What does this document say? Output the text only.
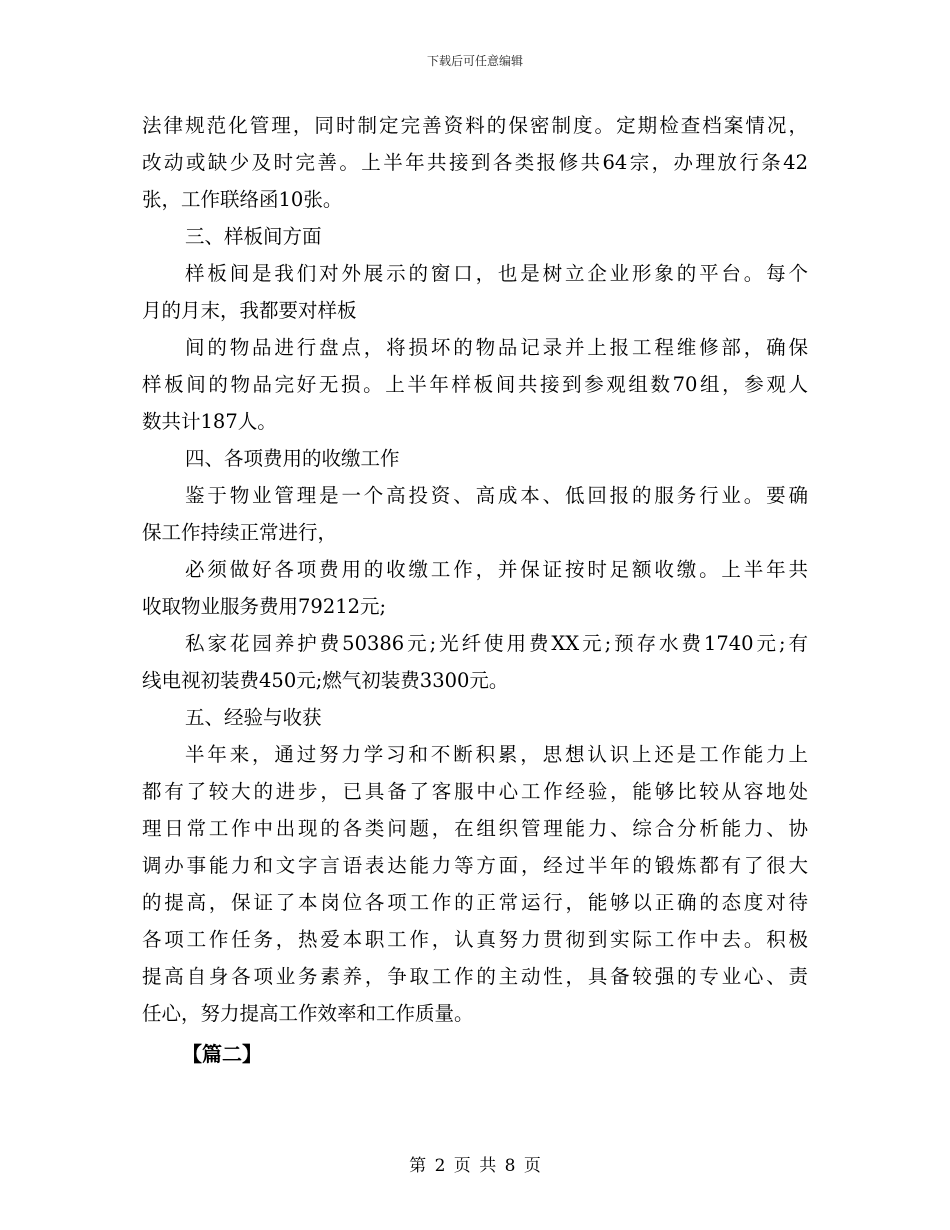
下载后可任意编辑
法律规范化管理，同时制定完善资料的保密制度。定期检查档案情况，
改动或缺少及时完善。上半年共接到各类报修共64宗，办理放行条42
张，工作联络函10张。
三、样板间方面
样板间是我们对外展示的窗口，也是树立企业形象的平台。每个
月的月末，我都要对样板
间的物品进行盘点，将损坏的物品记录并上报工程维修部，确保
样板间的物品完好无损。上半年样板间共接到参观组数70组，参观人
数共计187人。
四、各项费用的收缴工作
鉴于物业管理是一个高投资、高成本、低回报的服务行业。要确
保工作持续正常进行，
必须做好各项费用的收缴工作，并保证按时足额收缴。上半年共
收取物业服务费用79212元;
私家花园养护费50386元;光纤使用费XX元;预存水费1740元;有
线电视初装费450元;燃气初装费3300元。
五、经验与收获
半年来，通过努力学习和不断积累，思想认识上还是工作能力上
都有了较大的进步，已具备了客服中心工作经验，能够比较从容地处
理日常工作中出现的各类问题，在组织管理能力、综合分析能力、协
调办事能力和文字言语表达能力等方面，经过半年的锻炼都有了很大
的提高，保证了本岗位各项工作的正常运行，能够以正确的态度对待
各项工作任务，热爱本职工作，认真努力贯彻到实际工作中去。积极
提高自身各项业务素养，争取工作的主动性，具备较强的专业心、责
任心，努力提高工作效率和工作质量。
【篇二】
第 2 页 共 8 页
